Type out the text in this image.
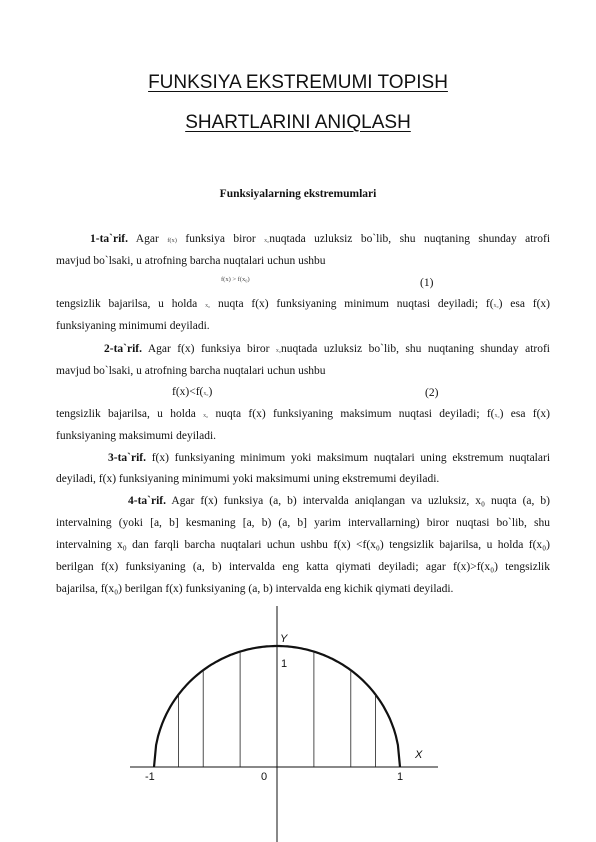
FUNKSIYA EKSTREMUMI TOPISH
SHARTLARINI ANIQLASH
Funksiyalarning ekstremumlari
1-ta`rif. Agar f(x) funksiya biror x₀nuqtada uzluksiz bo`lib, shu nuqtaning shunday atrofi
mavjud bo`lsaki, u atrofning barcha nuqtalari uchun ushbu
f(x) > f(x₀)	(1)
tengsizlik bajarilsa, u holda x₀ nuqta f(x) funksiyaning minimum nuqtasi deyiladi; f(x₀) esa f(x)
funksiyaning minimumi deyiladi.
2-ta`rif. Agar f(x) funksiya biror x₀nuqtada uzluksiz bo`lib, shu nuqtaning shunday atrofi
mavjud bo`lsaki, u atrofning barcha nuqtalari uchun ushbu
f(x)<f(x₀)	(2)
tengsizlik bajarilsa, u holda x₀ nuqta f(x) funksiyaning maksimum nuqtasi deyiladi; f(x₀) esa f(x)
funksiyaning maksimumi deyiladi.
3-ta`rif. f(x) funksiyaning minimum yoki maksimum nuqtalari uning ekstremum nuqtalari
deyiladi, f(x) funksiyaning minimumi yoki maksimumi uning ekstremumi deyiladi.
4-ta`rif. Agar f(x) funksiya (a, b) intervalda aniqlangan va uzluksiz, x₀ nuqta (a, b)
intervalning (yoki [a, b] kesmaning [a, b) (a, b] yarim intervallarning) biror nuqtasi bo`lib, shu
intervalning x₀ dan farqli barcha nuqtalari uchun ushbu f(x) <f(x₀) tengsizlik bajarilsa, u holda f(x₀)
berilgan f(x) funksiyaning (a, b) intervalda eng katta qiymati deyiladi; agar f(x)>f(x₀) tengsizlik
bajarilsa, f(x₀) berilgan f(x) funksiyaning (a, b) intervalda eng kichik qiymati deyiladi.
Y
1
X
-1	0	1
